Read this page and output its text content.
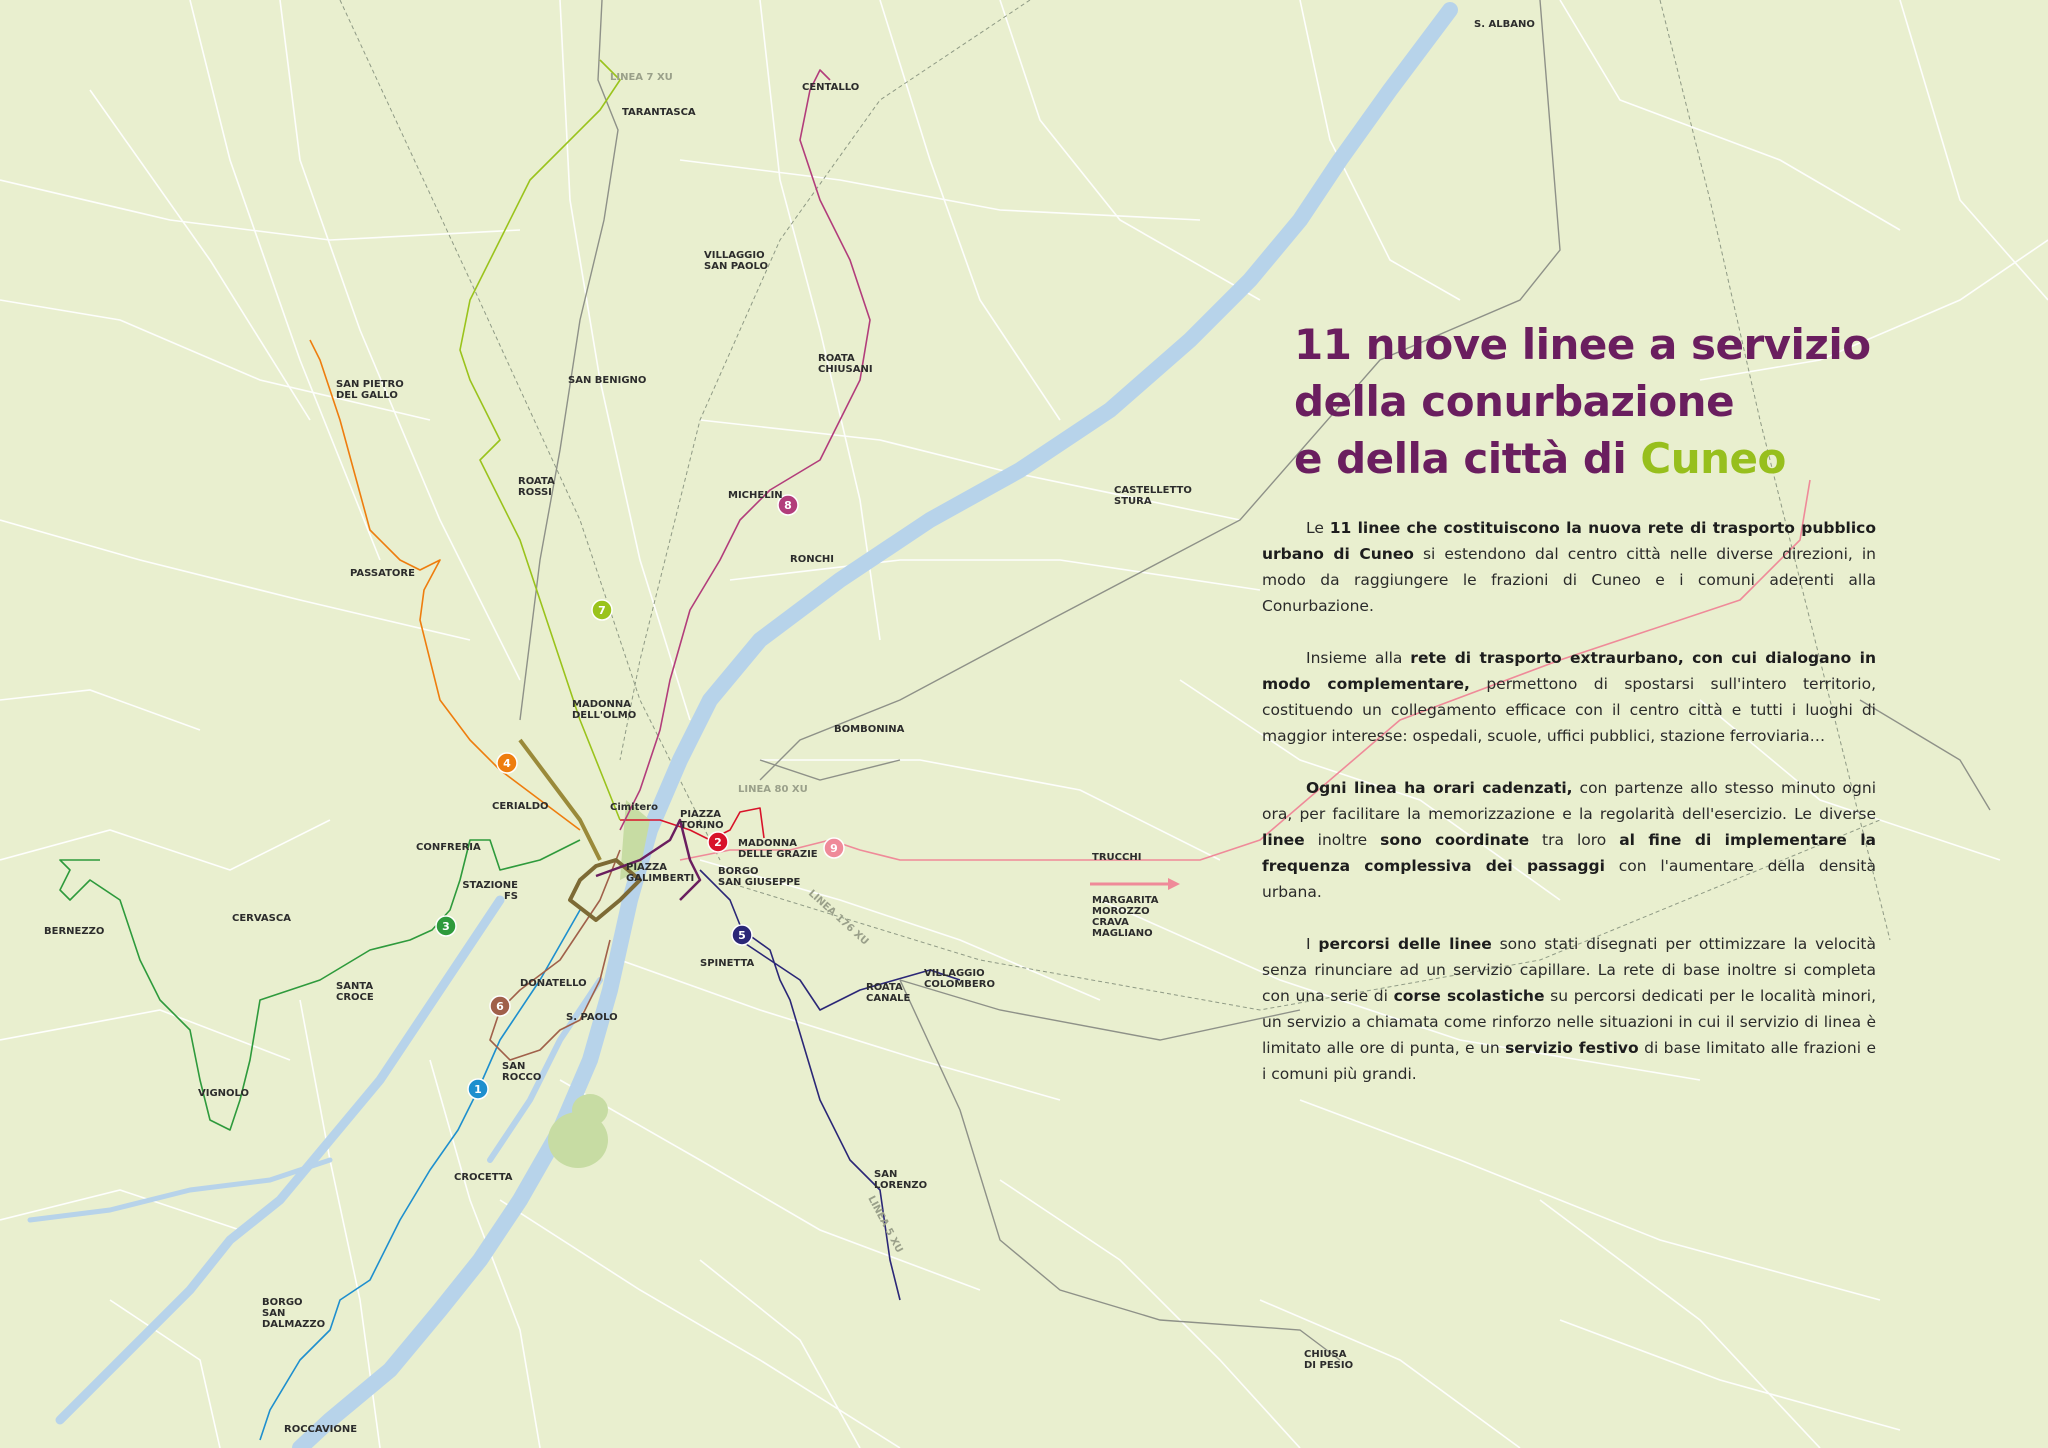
1
2
3
4
5
6
7
8
9
S. ALBANO
CENTALLO
TARANTASCA
VILLAGGIO SAN PAOLO
ROATA CHIUSANI
SAN BENIGNO
SAN PIETRO DEL GALLO
ROATA ROSSI	MICHELIN
RONCHI
CASTELLETTO STURA
PASSATORE
MADONNA DELL'OLMO
BOMBONINA
CERIALDO	Cimitero
PIAZZA TORINO
MADONNA DELLE GRAZIE
CONFRERIA
STAZIONE FS
PIAZZA GALIMBERTI
BORGO SAN GIUSEPPE
TRUCCHI
MARGARITA MOROZZO CRAVA MAGLIANO
BERNEZZO
CERVASCA
SPINETTA
VILLAGGIO COLOMBERO
ROATA CANALE
SANTA CROCE
DONATELLO
S. PAOLO
SAN ROCCO
VIGNOLO
CROCETTA	SAN LORENZO
BORGO SAN DALMAZZO
CHIUSA DI PESIO
ROCCAVIONE
LINEA 7 XU
LINEA 80 XU
LINEA 176 XU
LINEA 5 XU
11 nuove linee a servizio
della conurbazione
e della città di Cuneo

Le 11 linee che costituiscono la nuova rete di trasporto pubblico urbano di Cuneo si estendono dal centro città nelle diverse direzioni, in modo da raggiungere le frazioni di Cuneo e i comuni aderenti alla Conurbazione.

Insieme alla rete di trasporto extraurbano, con cui dialogano in modo complementare, permettono di spostarsi sull'intero territorio, costituendo un collegamento efficace con il centro città e tutti i luoghi di maggior interesse: ospedali, scuole, uffici pubblici, stazione ferroviaria…

Ogni linea ha orari cadenzati, con partenze allo stesso minuto ogni ora, per facilitare la memorizzazione e la regolarità dell'esercizio. Le diverse linee inoltre sono coordinate tra loro al fine di implementare la frequenza complessiva dei passaggi con l'aumentare della densità urbana.

I percorsi delle linee sono stati disegnati per ottimizzare la velocità senza rinunciare ad un servizio capillare. La rete di base inoltre si completa con una serie di corse scolastiche su percorsi dedicati per le località minori, un servizio a chiamata come rinforzo nelle situazioni in cui il servizio di linea è limitato alle ore di punta, e un servizio festivo di base limitato alle frazioni e i comuni più grandi.
